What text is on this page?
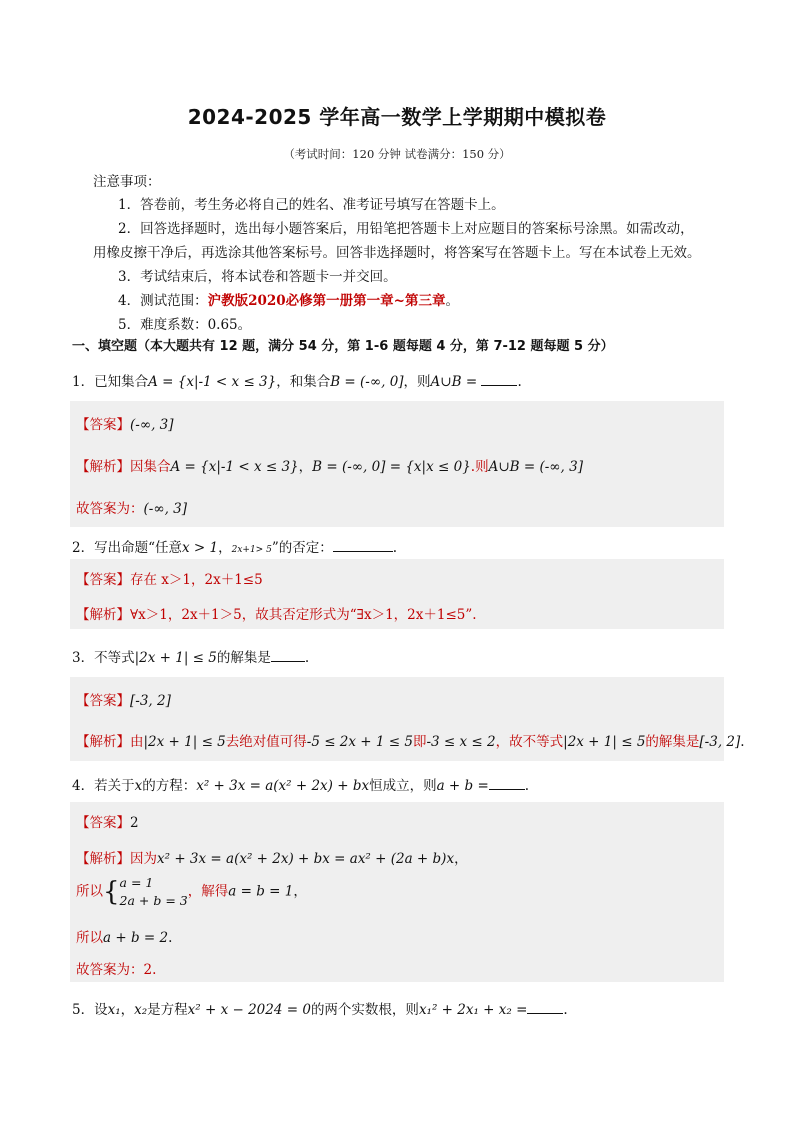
2024-2025 学年高一数学上学期期中模拟卷
（考试时间：120 分钟 试卷满分：150 分）
注意事项：
1．答卷前，考生务必将自己的姓名、准考证号填写在答题卡上。
2．回答选择题时，选出每小题答案后，用铅笔把答题卡上对应题目的答案标号涂黑。如需改动，
用橡皮擦干净后，再选涂其他答案标号。回答非选择题时，将答案写在答题卡上。写在本试卷上无效。
3．考试结束后，将本试卷和答题卡一并交回。
4．测试范围：沪教版2020必修第一册第一章~第三章。
5．难度系数：0.65。
一、填空题（本大题共有 12 题，满分 54 分，第 1-6 题每题 4 分，第 7-12 题每题 5 分）
1．已知集合A = {x|-1 < x ≤ 3}，和集合B = (-∞, 0]，则A∪B =	.
【答案】(-∞, 3]
【解析】因集合A = {x|-1 < x ≤ 3}，B = (-∞, 0] = {x|x ≤ 0}.则A∪B = (-∞, 3]
故答案为：(-∞, 3]
2．写出命题“任意x > 1，2x+1> 5”的否定：	.
【答案】存在 x＞1，2x＋1≤5
【解析】∀x＞1，2x＋1＞5，故其否定形式为“∃x＞1，2x＋1≤5”.
3．不等式|2x + 1| ≤ 5的解集是	.
【答案】[-3, 2]
【解析】由|2x + 1| ≤ 5去绝对值可得-5 ≤ 2x + 1 ≤ 5即-3 ≤ x ≤ 2，故不等式|2x + 1| ≤ 5的解集是[-3, 2].
4．若关于x的方程：x² + 3x = a(x² + 2x) + bx恒成立，则a + b =	.
【答案】2
【解析】因为x² + 3x = a(x² + 2x) + bx = ax² + (2a + b)x，
所以{a = 1
2a + b = 3，解得a = b = 1，
所以a + b = 2.
故答案为：2.
5．设x₁，x₂是方程x² + x − 2024 = 0的两个实数根，则x₁² + 2x₁ + x₂ =	.
